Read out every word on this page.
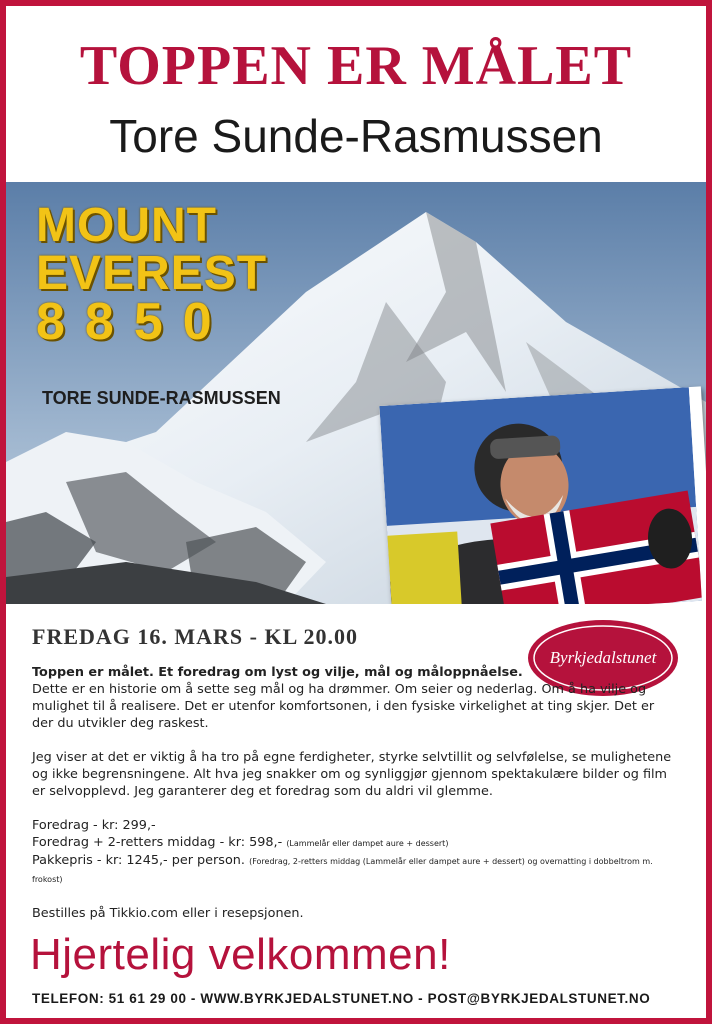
TOPPEN ER MÅLET
Tore Sunde-Rasmussen
MOUNT
EVEREST
8850
TORE SUNDE-RASMUSSEN
FREDAG 16. MARS - KL 20.00
Byrkjedalstunet

Toppen er målet. Et foredrag om lyst og vilje, mål og måloppnåelse.

Dette er en historie om å sette seg mål og ha drømmer. Om seier og nederlag. Om å ha vilje og mulighet til å realisere. Det er utenfor komfortsonen, i den fysiske virkelighet at ting skjer. Det er der du utvikler deg raskest.

Jeg viser at det er viktig å ha tro på egne ferdigheter, styrke selvtillit og selvfølelse, se mulighetene og ikke begrensningene. Alt hva jeg snakker om og synliggjør gjennom spektakulære bilder og film er selvopplevd. Jeg garanterer deg et foredrag som du aldri vil glemme.

Foredrag - kr: 299,-

Foredrag + 2-retters middag - kr: 598,- (Lammelår eller dampet aure + dessert)

Pakkepris - kr: 1245,- per person. (Foredrag, 2-retters middag (Lammelår eller dampet aure + dessert) og overnatting i dobbeltrom m. frokost)

Bestilles på Tikkio.com eller i resepsjonen.

Hjertelig velkommen!
TELEFON: 51 61 29 00 - WWW.BYRKJEDALSTUNET.NO - POST@BYRKJEDALSTUNET.NO
